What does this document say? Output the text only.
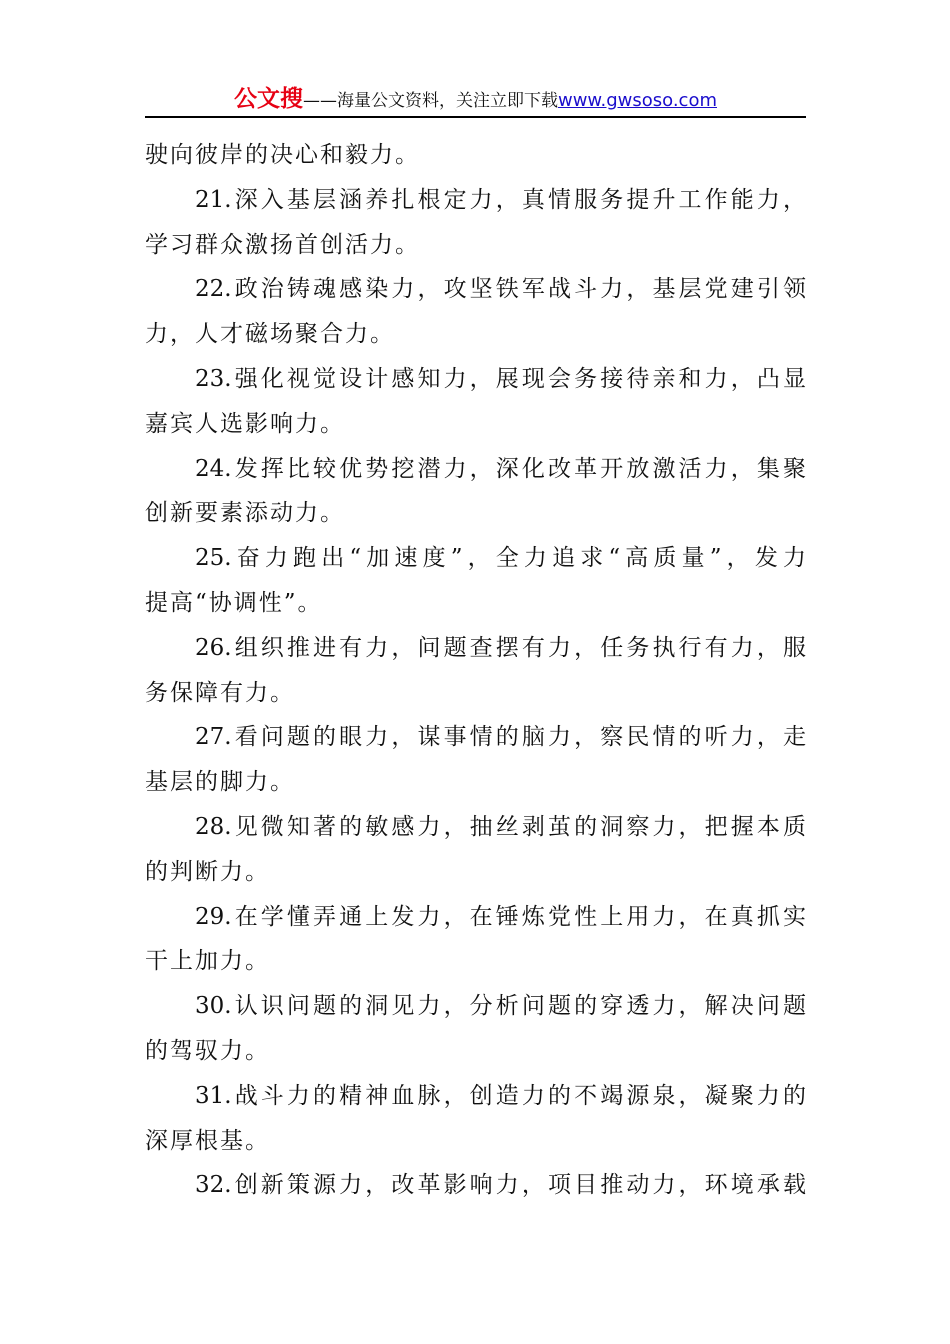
公文搜——海量公文资料，关注立即下载www.gwsoso.com
驶向彼岸的决心和毅力。
21.深入基层涵养扎根定力，真情服务提升工作能力，
学习群众激扬首创活力。
22.政治铸魂感染力，攻坚铁军战斗力，基层党建引领
力，人才磁场聚合力。
23.强化视觉设计感知力，展现会务接待亲和力，凸显
嘉宾人选影响力。
24.发挥比较优势挖潜力，深化改革开放激活力，集聚
创新要素添动力。
25.奋力跑出“加速度”，全力追求“高质量”，发力
提高“协调性”。
26.组织推进有力，问题查摆有力，任务执行有力，服
务保障有力。
27.看问题的眼力，谋事情的脑力，察民情的听力，走
基层的脚力。
28.见微知著的敏感力，抽丝剥茧的洞察力，把握本质
的判断力。
29.在学懂弄通上发力，在锤炼党性上用力，在真抓实
干上加力。
30.认识问题的洞见力，分析问题的穿透力，解决问题
的驾驭力。
31.战斗力的精神血脉，创造力的不竭源泉，凝聚力的
深厚根基。
32.创新策源力，改革影响力，项目推动力，环境承载
